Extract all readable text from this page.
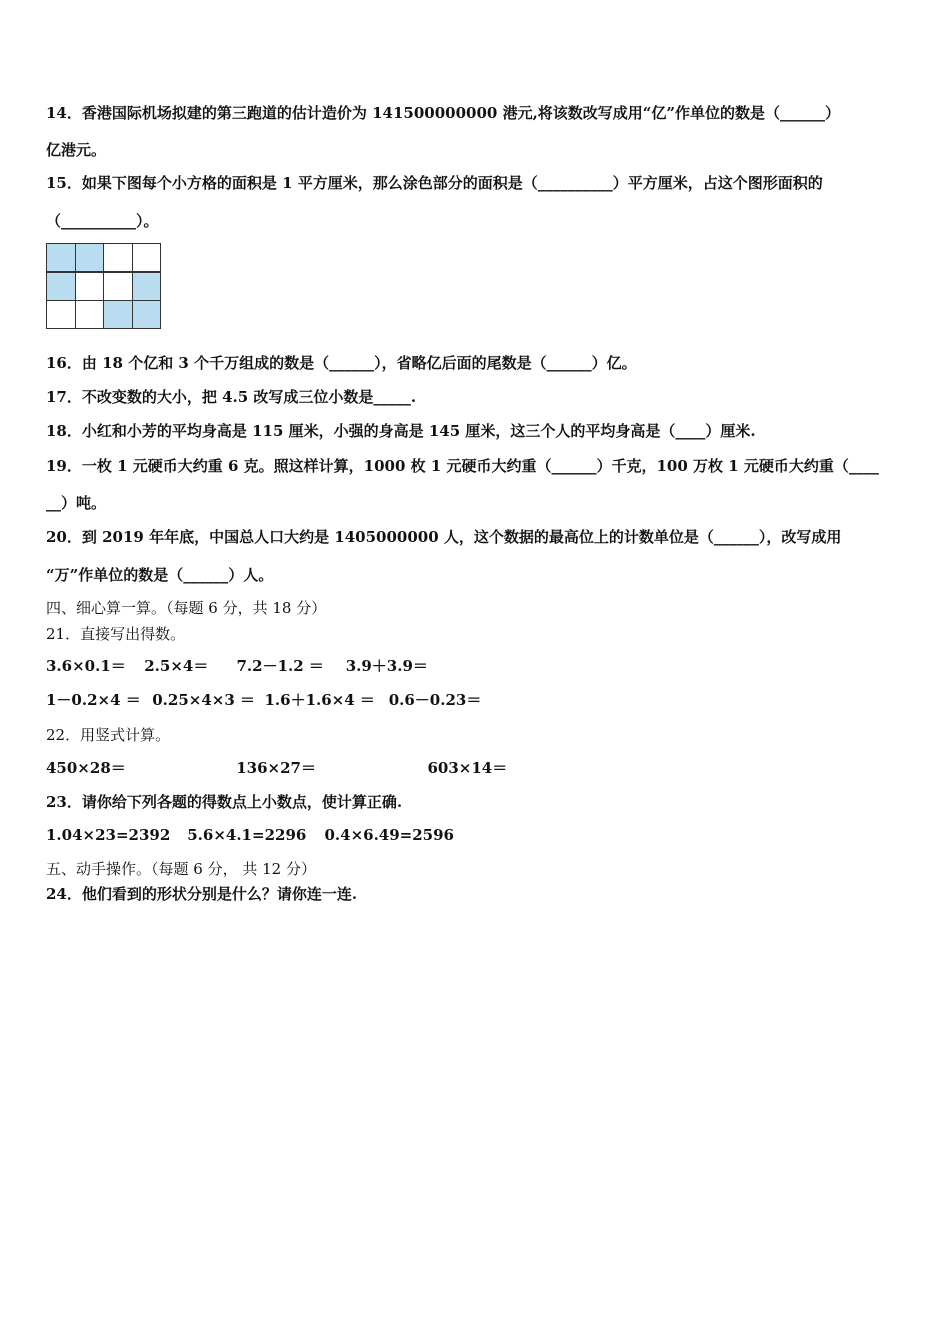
14．香港国际机场拟建的第三跑道的估计造价为 141500000000 港元,将该数改写成用“亿”作单位的数是（______）
亿港元。
15．如果下图每个小方格的面积是 1 平方厘米，那么涂色部分的面积是（__________）平方厘米，占这个图形面积的
（__________）。
16．由 18 个亿和 3 个千万组成的数是（______），省略亿后面的尾数是（______）亿。
17．不改变数的大小，把 4.5 改写成三位小数是_____.
18．小红和小芳的平均身高是 115 厘米，小强的身高是 145 厘米，这三个人的平均身高是（____）厘米.
19．一枚 1 元硬币大约重 6 克。照这样计算，1000 枚 1 元硬币大约重（______）千克，100 万枚 1 元硬币大约重（____
__）吨。
20．到 2019 年年底，中国总人口大约是 1405000000 人，这个数据的最高位上的计数单位是（______），改写成用
“万”作单位的数是（______）人。
四、细心算一算。（每题 6 分，共 18 分）
21．直接写出得数。
3.6×0.1＝ 2.5×4＝ 7.2－1.2 ＝ 3.9＋3.9＝
1－0.2×4 ＝ 0.25×4×3 ＝ 1.6＋1.6×4 ＝ 0.6－0.23＝
22．用竖式计算。
450×28＝	136×27＝	603×14＝
23．请你给下列各题的得数点上小数点，使计算正确.
1.04×23=2392 5.6×4.1=2296 0.4×6.49=2596
五、动手操作。（每题 6 分， 共 12 分）
24．他们看到的形状分别是什么？请你连一连.
